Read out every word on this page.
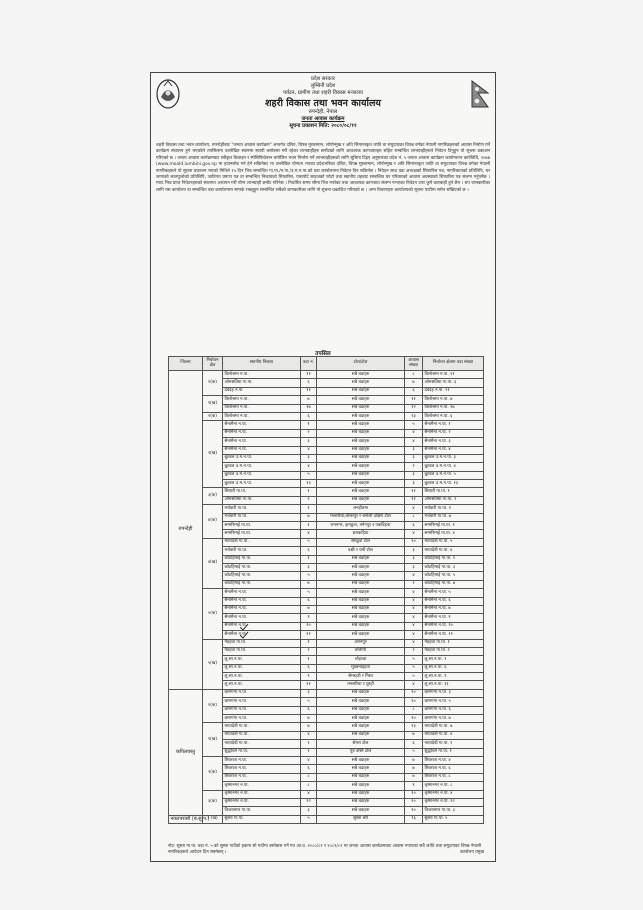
प्रदेश सरकार
लुम्बिनी प्रदेश
पर्यटन, ग्रामीण तथा शहरी विकास मन्त्रालय
शहरी विकास तथा भवन कार्यालय
रुपन्देही, नेपाल
जनता आवास कार्यक्रम
सूचना प्रकाशन मिति: २०८०/०८/११
शहरी विकास तथा भवन कार्यालय, रुपन्देहीबाट "जनता आवास कार्यक्रम" अन्तर्गत दलित, विपन्न मुसलमान, लोपोन्मुख र अति सिमान्तकृत जाति वा समुदायका विपन्न वर्गका नेपाली नागरिकहरुको आवास निर्माण गर्ने कार्यक्रम संचालन हुने भएकोले तपसिलमा उल्लेखित स्थानमा स्थायी बसोबास गरी रहेका लाभग्राहीहरु छनौटको लागि आवश्यक कागजातहरु सहित सम्बन्धित लाभग्राहीहरुले निवेदन दिनुहुन यो सूचना प्रकाशन गरिएको छ । जनता आवास कार्यक्रमबाट स्वीकृत डिजाइन र स्पेसिफिकेसन बमोजिम भवन निर्माण गर्ने लाभग्राहीहरुको लागि सूचिमा दिइए अनुसारका प्रदेश नं. ५ जनता आवास कार्यक्रम कार्यान्वयन कार्यविधि, २०७७ (www.moald.lumbini.gov.np मा हाउनलोड गर्न हेर्न सकिनेछ) मा उल्लेखित योग्यता भएका प्रदेशभरिका दलित, विपन्न मुसलमान, लोपोन्मुख र अति सिमान्तकृत जाति वा समुदायका विपन्न वर्गका नेपाली नागरिकहरुले यो सूचना प्रकाशन भएको मितिले १५ दिन भित्र सम्बन्धित गा.पा./न.पा./उ.म.न.पा.को वडा कार्यालयमा निवेदन दिन सकिनेछ । निवेदन साथ वडा अध्यक्षको सिफारिस पत्र, नागरिकताको प्रतिलिपि, घर जग्गाको लालपुर्जाको प्रतिलिपि, जातिगत प्रमाण पत्र वा सम्बन्धित निकायको सिफारिस, पासपोर्ट साइजको फोटो तथा स्थानीय तहबाट सम्बन्धित घर परिवारको आवास अवस्थाको सिफारिस पत्र संलग्न गर्नुपर्नेछ । म्याद भित्र प्राप्त निवेदनहरुको स्थलगत अध्ययन गरी योग्य लाभग्राही छनौट गरिनेछ । निर्धारित समय सीमा भित्र नपरेका तथा आवश्यक कागजात संलग्न नभएका निवेदन उपर कुनै कारबाही हुने छैन । थप जानकारीका लागि यस कार्यालय वा सम्बन्धित वडा कार्यालयमा सम्पर्क राख्नुहुन सम्बन्धित सबैको जानकारीका लागि यो सूचना प्रकाशित गरिएको छ । अन्य विवरणहरु कार्यालयको सूचना पाटीमा समेत राखिएको छ ।
तपसिल
जिल्ला	निर्वाचन क्षेत्र	स्थानीय निकाय	वडा नं.	टोल/टोल	आवास संख्या	निर्वाचन क्षेत्रमा वडा संख्या
रुपन्देही	१(क)	तिलोत्तमा न.पा.	११	सबै वडाहरु	८	तिलोत्तमा न.पा. ११
		ओमसतिया गा.पा.	६	सबै वडाहरु	७	ओमसतिया गा.पा. ६
		देवदह न.पा.	११	सबै वडाहरु	६	देवदह न.पा. ११
	१(ख)	तिलोत्तमा न.पा.	७	सबै वडाहरु	११	तिलोत्तमा न.पा. ७
		तिलोत्तमा न.पा.	१७	सबै वडाहरु	१२	तिलोत्तमा न.पा. १७
	२(क)	तिलोत्तमा न.पा.	६	सबै वडाहरु	२३	तिलोत्तमा न.पा. ६
	२(ख)	सैनामैना न.पा.	१	सबै वडाहरु	५	सैनामैना न.पा. १
		सैनामैना न.पा.	२	सबै वडाहरु	४	सैनामैना न.पा. २
		सैनामैना न.पा.	३	सबै वडाहरु	४	सैनामैना न.पा. ३
		सैनामैना न.पा.	४	सबै वडाहरु	३	सैनामैना न.पा. ४
		बुटवल उ.म.न.पा.	३	सबै वडाहरु	३	बुटवल उ.म.न.पा. ३
		बुटवल उ.म.न.पा.	४	सबै वडाहरु	२	बुटवल उ.म.न.पा. ४
		बुटवल उ.म.न.पा.	५	सबै वडाहरु	३	बुटवल उ.म.न.पा. ५
		बुटवल उ.म.न.पा.	१३	सबै वडाहरु	३	बुटवल उ.म.न.पा. १३
	३(क)	सियारी गा.पा.	१	सबै वडाहरु	११	सियारी गा.पा. १
		ओमसतिया गा.पा.	२	सबै वडाहरु	११	ओमसतिया गा.पा. २
	४(क)	मर्चवारी गा.पा.	१	जनहीतमा	४	मर्चवारी गा.पा. १
		मर्चवारी गा.पा.	७	मल्लरिया,बीरसपुर र बनौली दक्षिण टोल	८	मर्चवारी गा.पा. ७
		सम्मरिमाई गा.पा.	१	रामनगर, झगडुवा, मनेगपुर र पकडिहवा	६	सम्मरिमाई गा.पा. १
		सम्मरिमाई गा.पा.	४	छपकहिया	४	सम्मरिमाई गा.पा. ४
	४(ख)	मायादेवी गा.पा.	५	संगढुवा टोल	१०	मायादेवी गा.पा. ५
		मर्चवारी गा.पा.	६	दक्षी र धनी टोल	३	मायादेवी गा.पा. ६
		कोटहिमाई गा.पा.	१	सबै वडाहरु	३	कोटहिमाई गा.पा. १
		कोटहिमाई गा.पा.	३	सबै वडाहरु	३	कोटहिमाई गा.पा. ३
		कोटहिमाई गा.पा.	५	सबै वडाहरु	४	कोटहिमाई गा.पा. ५
		कोटहिमाई गा.पा.	७	सबै वडाहरु	२	कोटहिमाई गा.पा. ७
	५(क)	सैनामैना न.पा.	५	सबै वडाहरु	४	सैनामैना न.पा. ५
		सैनामैना न.पा.	६	सबै वडाहरु	४	सैनामैना न.पा. ६
		सैनामैना न.पा.	७	सबै वडाहरु	४	सैनामैना न.पा. ७
		सैनामैना न.पा.	९	सबै वडाहरु	४	सैनामैना न.पा. ९
		सैनामैना न.पा.	१०	सबै वडाहरु	४	सैनामैना न.पा. १०
		सैनामैना न.पा.	११	सबै वडाहरु	४	सैनामैना न.पा. ११
	५(ख)	गैडहवा गा.पा.	१	अगनपुर	४	गैडहवा गा.पा. १
		गैडहवा गा.पा.	२	तोलीपी	२	गैडहवा गा.पा. २
		लु.सा.न.पा.	१	लोहरडा	५	लु.सा.न.पा. १
		लु.सा.न.पा.	६	मुडबनाइहवा	५	लु.सा.न.पा. ६
		लु.सा.न.पा.	९	सेमरहरी र मिसा	५	लु.सा.न.पा. ९
		लु.सा.न.पा.	११	मनसरिया र धुरही	४	लु.सा.न.पा. ११
कपिलवस्तु	१(क)	बाणगंगा न.पा.	३	सबै वडाहरु	१०	बाणगंगा न.पा. ३
		बाणगंगा न.पा.	५	सबै वडाहरु	१०	बाणगंगा न.पा. ५
		बाणगंगा न.पा.	६	सबै वडाहरु	८	बाणगंगा न.पा. ६
		बाणगंगा न.पा.	७	सबै वडाहरु	१०	बाणगंगा न.पा. ७
	१(ख)	मायादेवी गा.पा.	७	सबै वडाहरु	१३	मायादेवी गा.पा. ७
		मायादेवी गा.पा.	४	सबै वडाहरु	७	मायादेवी गा.पा. ४
		मायादेवी गा.पा.	१	सेमरा टोल	६	मायादेवी गा.पा. १
		शुद्धोधन गा.पा.	१	पूर्व वस्ति टोल	५	शुद्धोधन गा.पा. १
	२(क)	शिवराज न.पा.	४	सबै वडाहरु	७	शिवराज न.पा. ४
		शिवराज न.पा.	६	सबै वडाहरु	७	शिवराज न.पा. ६
		शिवराज न.पा.	८	सबै वडाहरु	७	शिवराज न.पा. ८
		कृष्णनगर न.पा.	८	सबै वडाहरु	९	कृष्णनगर न.पा. ८
	३(क)	कृष्णनगर न.पा.	४	सबै वडाहरु	१०	कृष्णनगर न.पा. ४
		कृष्णनगर न.पा.	१२	सबै वडाहरु	१०	कृष्णनगर न.पा. १२
		विजयनगर गा.पा.	३	सबै वडाहरु	१०	विजयनगर गा.पा. ३
नवलपरासी (ब.सु.प.)	१ (ख)	सुस्ता गा.पा.	५	सुस्ता बरी	१६	सुस्ता गा.पा. ५
नोट: सुस्ता गा.पा. वडा नं. ५ को सुस्ता गाउँको हकमा सो गाउँमा बसोबास गर्ने गत आ.व. २०८०/८१ र २०८१/८२ मा जनता आवास कार्यक्रमबाट आवास नपाएका सबै जाति तथा समुदायका विपन्न नेपाली नागरिकहरुले आवेदन दिन सक्नेछन् ।	कार्यालय प्रमुख
